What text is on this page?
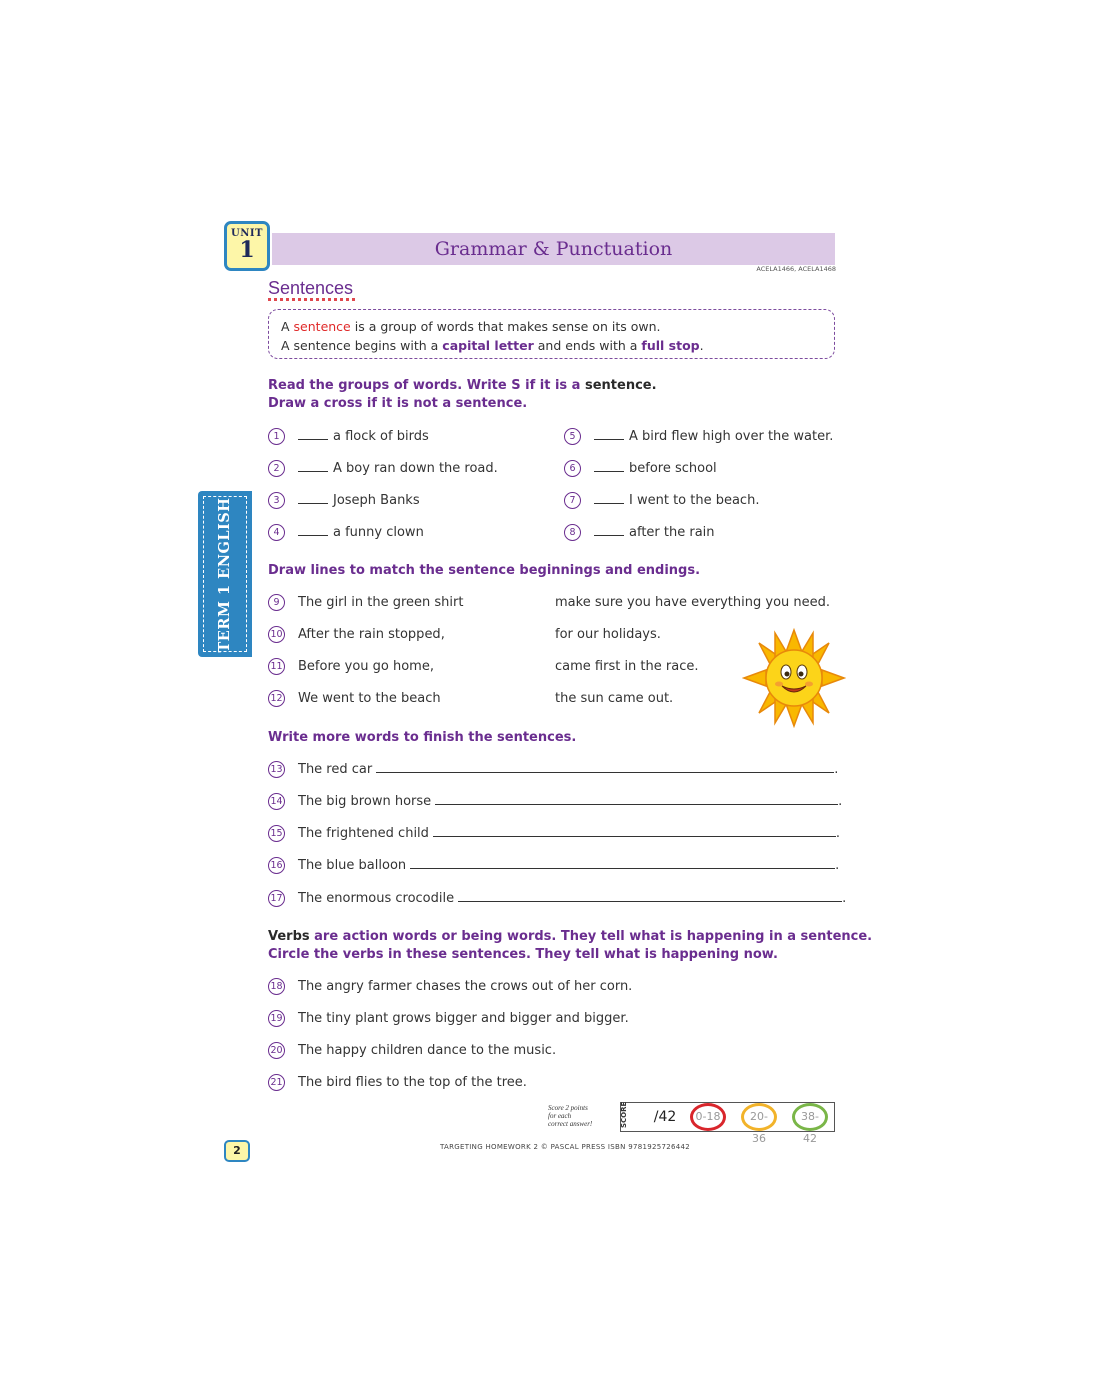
Grammar & Punctuation
UNIT
1
ACELA1466, ACELA1468
TERM 1 ENGLISH
Sentences
A sentence is a group of words that makes sense on its own.
A sentence begins with a capital letter and ends with a full stop.
Read the groups of words. Write S if it is a sentence.
Draw a cross if it is not a sentence.
1	a flock of birds
2	A boy ran down the road.
3	Joseph Banks
4	a funny clown
5	A bird flew high over the water.
6	before school
7	I went to the beach.
8	after the rain
Draw lines to match the sentence beginnings and endings.
9 The girl in the green shirt	make sure you have everything you need.
10 After the rain stopped,	for our holidays.
11 Before you go home,	came first in the race.
12 We went to the beach	the sun came out.
Write more words to finish the sentences.
13 The red car	.
14 The big brown horse	.
15 The frightened child	.
16 The blue balloon	.
17 The enormous crocodile	.
Verbs are action words or being words. They tell what is happening in a sentence.
Circle the verbs in these sentences. They tell what is happening now.
18 The angry farmer chases the crows out of her corn.
19 The tiny plant grows bigger and bigger and bigger.
20 The happy children dance to the music.
21 The bird flies to the top of the tree.
Score 2 points
for each
correct answer!	SCORE	/42	0-18	20-36
38-42
2	TARGETING HOMEWORK 2 © PASCAL PRESS ISBN 9781925726442
